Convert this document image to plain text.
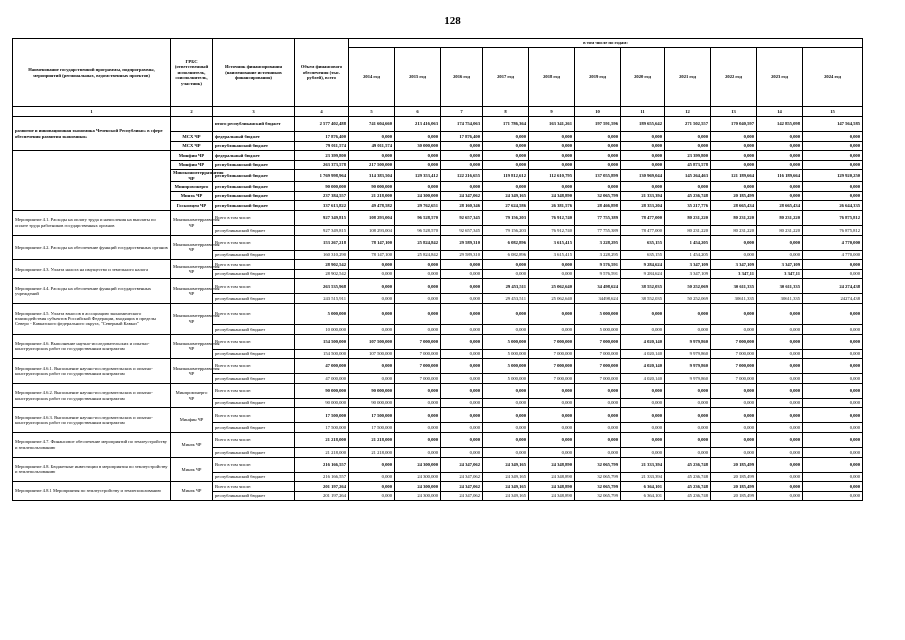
128
Наименование государственной программы, подпрограммы, мероприятий (региональных, ведомственных проектов)	ГРБС (ответственный исполнитель, соисполнитель, участник)	Источник финансирования (наименование источников финансирования)	Объем финансового обеспечения (тыс. рублей), всего	в том числе по годам:										
				2014 год	2015 год	2016 год	2017 год	2018 год	2019 год	2020 год	2021 год	2022 год	2023 год	2024 год
1	2	3	4	5	6	7	8	9	10	11	12	13	14	15
развитие и инновационная экономика Чеченской Республики» в сфере обеспечения развития экономики»		итого республиканский бюджет	2 577 402,488	741 604,660	213 416,063	174 754,063	171 786,364	163 341,261	197 591,596	189 655,642	271 502,557	170 040,597	142 855,098	147 564,585
	МСХ ЧР	федеральный бюджет	17 876,400	0,000	0,000	17 876,400	0,000	0,000	0,000	0,000	0,000	0,000	0,000	0,000
	МСХ ЧР	республиканский бюджет	79 011,574	49 011,574	30 000,000	0,000	0,000	0,000	0,000	0,000	0,000	0,000	0,000	0,000
	Минфин ЧР	федеральный бюджет	23 399,800	0,000	0,000	0,000	0,000	0,000	0,000	0,000	23 399,800	0,000	0,000	0,000
	Минфин ЧР	республиканский бюджет	263 373,578	217 500,000	0,000	0,000	0,000	0,000	0,000	0,000	45 873,578	0,000	0,000	0,000
	Минэкономтерразвития ЧР	республиканский бюджет	1 769 998,964	314 383,504	129 353,412	122 216,655	119 812,612	112 610,795	137 055,899	130 969,044	145 264,463	121 189,664	116 189,664	129 920,250
	Минпромэнерго	республиканский бюджет	90 000,000	90 000,000	0,000	0,000	0,000	0,000	0,000	0,000	0,000	0,000	0,000	0,000
	Минэк ЧР	республиканский бюджет	237 384,557	21 218,000	24 300,000	24 347,062	24 349,165	24 348,890	32 065,799	21 333,394	45 236,748	20 185,499	0,000	0,000
	Госкомцен ЧР	республиканский бюджет	337 613,822	49 478,582	29 762,651	28 160,346	27 624,586	26 381,576	28 466,898	28 353,204	35 217,776	28 665,434	28 665,434	26 644,335
Мероприятие 4.1. Расходы на оплату труда и начисления на выплаты по оплате труда работников государственных органов	Минэкономтерразвития ЧР	Всего в том числе:	927 349,815	108 293,004	96 528,570	92 657,345	79 156,203	76 912,740	77 755,389	78 477,000	80 231,220	80 231,220	80 231,220	76 875,812
		республиканский бюджет	927 349,815	108 293,004	96 528,570	92 657,345	79 156,203	76 912,740	77 755,389	78 477,000	80 231,220	80 231,220	80 231,220	76 875,812
Мероприятие 4.2. Расходы на обеспечение функций государственных органов	Минэкономтерразвития ЧР	Всего в том числе:	153 267,218	78 147,100	25 824,842	29 589,310	6 082,896	3 615,415	3 228,295	635,155	1 454,205	0,000	0,000	4 770,000
		республиканский бюджет	160 310,290	78 147,100	25 824,842	29 589,310	6 082,896	3 615,415	3 228,295	635,155	1 454,205	0,000	0,000	4 770,000
Мероприятие 4.3. Уплата налога на имущество и земельного налога	Минэкономтерразвития ЧР	Всего в том числе:	28 902,542	0,000	0,000	0,000	0,000	0,000	9 576,591	9 284,624	3 347,109	3 347,109	3 347,109	0,000
		республиканский бюджет	28 902,542	0,000	0,000	0,000	0,000	0,000	9 576,591	9 284,624	3 347,109	3 347,11	3 347,11	0,000
Мероприятие 4.4. Расходы на обеспечение функций государственных учреждений	Минэкономтерразвития ЧР	Всего в том числе:	263 535,968	0,000	0,000	0,000	29 453,511	25 062,640	34 498,624	38 552,035	50 252,069	30 611,335	30 611,335	24 274,438
		республиканский бюджет	243 515,911	0,000	0,000	0,000	29 453,511	25 062,640	34498,624	38 552,035	50 252,069	30611,335	30611,335	24274,438
Мероприятие 4.5. Уплата взносов в ассоциацию экономического взаимодействия субъектов Российской Федерации, входящих в пределы Северо - Кавказского федерального округа, "Северный Кавказ"	Минэкономтерразвития ЧР	Всего в том числе:	5 000,000	0,000	0,000	0,000	0,000	0,000	5 000,000	0,000	0,000	0,000	0,000	0,000
		республиканский бюджет	10 000,000	0,000	0,000	0,000	0,000	0,000	5 000,000	0,000	0,000	0,000	0,000	0,000
Мероприятие 4.6. Выполнение научно-исследовательских и опытно-конструкторских работ по государственным контрактам	Минэкономтерразвития ЧР	Всего в том числе:	154 500,000	107 500,000	7 000,000	0,000	5 000,000	7 000,000	7 000,000	4 020,140	9 979,860	7 000,000	0,000	0,000
		республиканский бюджет	154 500,000	107 500,000	7 000,000	0,000	5 000,000	7 000,000	7 000,000	4 020,140	9 979,860	7 000,000	0,000	0,000
Мероприятие 4.6.1. Выполнение научно-исследовательских и опытно-конструкторских работ по государственным контрактам	Минэкономтерразвития ЧР	Всего в том числе:	47 000,000	0,000	7 000,000	0,000	5 000,000	7 000,000	7 000,000	4 020,140	9 979,860	7 000,000	0,000	0,000
		республиканский бюджет	47 000,000	0,000	7 000,000	0,000	5 000,000	7 000,000	7 000,000	4 020,140	9 979,860	7 000,000	0,000	0,000
Мероприятие 4.6.2. Выполнение научно-исследовательских и опытно-конструкторских работ по государственным контрактам	Минпромэнерго ЧР	Всего в том числе:	90 000,000	90 000,000	0,000	0,000	0,000	0,000	0,000	0,000	0,000	0,000	0,000	0,000
		республиканский бюджет	90 000,000	90 000,000	0,000	0,000	0,000	0,000	0,000	0,000	0,000	0,000	0,000	0,000
Мероприятие 4.6.3. Выполнение научно-исследовательских и опытно-конструкторских работ по государственным контрактам	Минфин ЧР	Всего в том числе:	17 500,000	17 500,000	0,000	0,000	0,000	0,000	0,000	0,000	0,000	0,000	0,000	0,000
		республиканский бюджет	17 500,000	17 500,000	0,000	0,000	0,000	0,000	0,000	0,000	0,000	0,000	0,000	0,000
Мероприятие 4.7. Финансовое обеспечение мероприятий по землеустройству и землепользованию	Минэк ЧР	Всего в том числе:	21 218,000	21 218,000	0,000	0,000	0,000	0,000	0,000	0,000	0,000	0,000	0,000	0,000
		республиканский бюджет	21 218,000	21 218,000	0,000	0,000	0,000	0,000	0,000	0,000	0,000	0,000	0,000	0,000
Мероприятие 4.8. Бюджетные инвестиции в мероприятия по землеустройству и землепользованию	Минэк ЧР	Всего в том числе:	216 166,557	0,000	24 300,000	24 347,062	24 349,165	24 348,890	32 065,799	21 333,394	45 236,748	20 185,499	0,000	0,000
		республиканский бюджет	216 166,557	0,000	24 300,000	24 347,062	24 349,165	24 348,890	32 065,799	21 333,394	45 236,748	20 185,499	0,000	0,000
Мероприятие 4.8.1 Мероприятия по землеустройству и землепользованию	Минэк ЧР	Всего в том числе:	201 197,264	0,000	24 300,000	24 347,062	24 349,165	24 348,890	32 065,799	6 364,101	45 236,748	20 185,499	0,000	0,000
		республиканский бюджет	201 197,264	0,000	24 300,000	24 347,062	24 349,165	24 348,890	32 065,799	6 364,101	45 236,748	20 185,499	0,000	0,000
